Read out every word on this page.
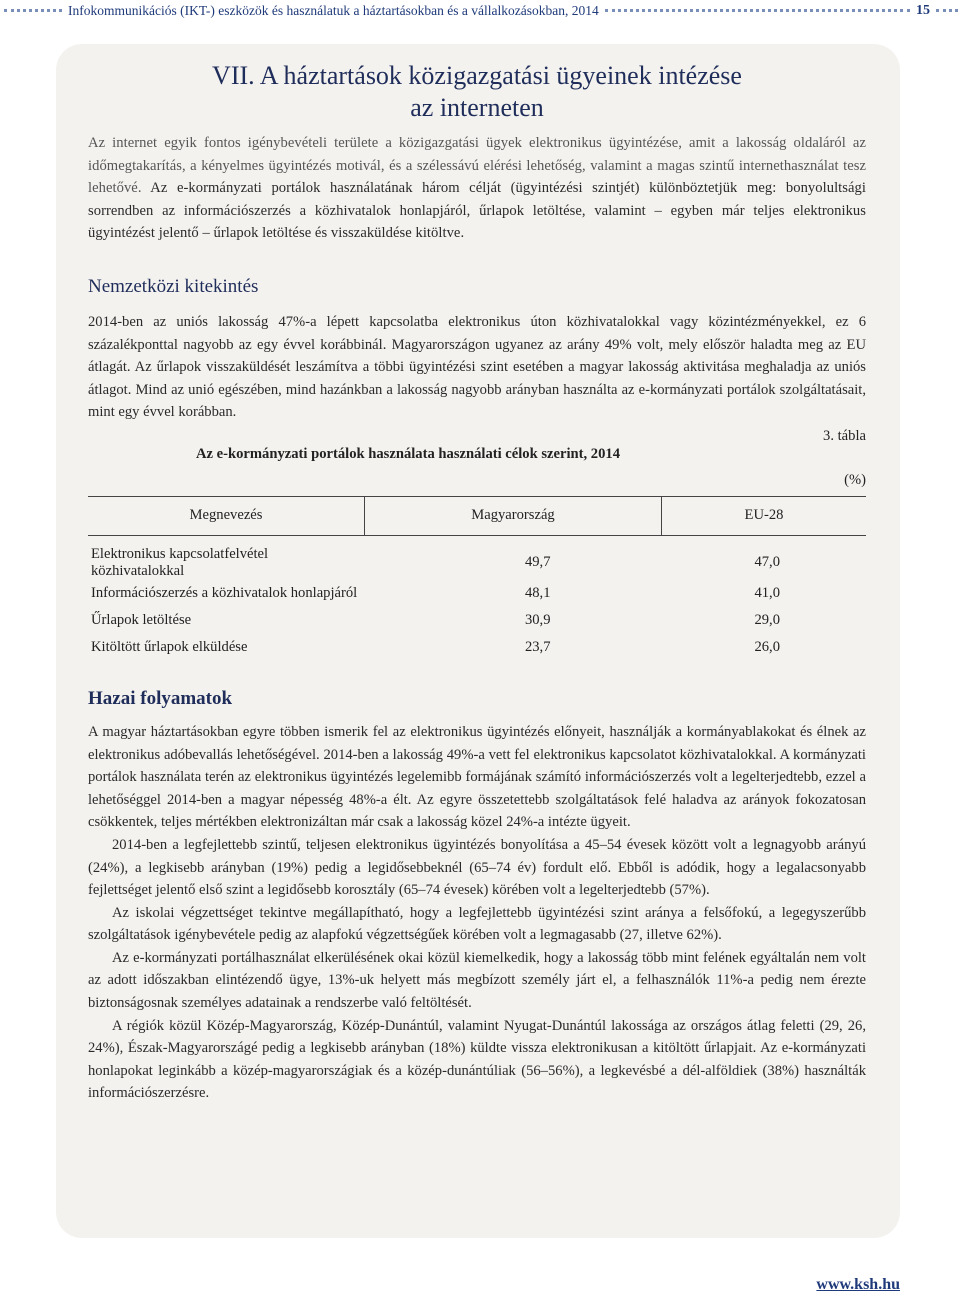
Infokommunikációs (IKT-) eszközök és használatuk a háztartásokban és a vállalkozásokban, 2014	15
VII. A háztartások közigazgatási ügyeinek intézése
az interneten

Az internet egyik fontos igénybevételi területe a közigazgatási ügyek elektronikus ügyintézése, amit a lakosság oldaláról az időmegtakarítás, a kényelmes ügyintézés motivál, és a szélessávú elérési lehetőség, valamint a magas szintű internethasználat tesz lehetővé. Az e-kormányzati portálok használatának három célját (ügyintézési szintjét) különböztetjük meg: bonyolultsági sorrendben az információszerzés a közhivatalok honlapjáról, űrlapok letöltése, valamint – egyben már teljes elektronikus ügyintézést jelentő – űrlapok letöltése és visszaküldése kitöltve.

Nemzetközi kitekintés

2014-ben az uniós lakosság 47%-a lépett kapcsolatba elektronikus úton közhivatalokkal vagy közintézményekkel, ez 6 százalékponttal nagyobb az egy évvel korábbinál. Magyarországon ugyanez az arány 49% volt, mely először haladta meg az EU átlagát. Az űrlapok visszaküldését leszámítva a többi ügyintézési szint esetében a magyar lakosság aktivitása meghaladja az uniós átlagot. Mind az unió egészében, mind hazánkban a lakosság nagyobb arányban használta az e-kormányzati portálok szolgáltatásait, mint egy évvel korábban.

3. tábla
Az e-kormányzati portálok használata használati célok szerint, 2014
(%)
Megnevezés	Magyarország	EU-28
Elektronikus kapcsolatfelvétel közhivatalokkal	49,7	47,0
Információszerzés a közhivatalok honlapjáról	48,1	41,0
Űrlapok letöltése	30,9	29,0
Kitöltött űrlapok elküldése	23,7	26,0
Hazai folyamatok

A magyar háztartásokban egyre többen ismerik fel az elektronikus ügyintézés előnyeit, használják a kormányablakokat és élnek az elektronikus adóbevallás lehetőségével. 2014-ben a lakosság 49%-a vett fel elektronikus kapcsolatot közhivatalokkal. A kormányzati portálok használata terén az elektronikus ügyintézés legelemibb formájának számító információszerzés volt a legelterjedtebb, ezzel a lehetőséggel 2014-ben a magyar népesség 48%-a élt. Az egyre összetettebb szolgáltatások felé haladva az arányok fokozatosan csökkentek, teljes mértékben elektronizáltan már csak a lakosság közel 24%-a intézte ügyeit.

2014-ben a legfejlettebb szintű, teljesen elektronikus ügyintézés bonyolítása a 45–54 évesek között volt a legnagyobb arányú (24%), a legkisebb arányban (19%) pedig a legidősebbeknél (65–74 év) fordult elő. Ebből is adódik, hogy a legalacsonyabb fejlettséget jelentő első szint a legidősebb korosztály (65–74 évesek) körében volt a legelterjedtebb (57%).

Az iskolai végzettséget tekintve megállapítható, hogy a legfejlettebb ügyintézési szint aránya a felsőfokú, a legegyszerűbb szolgáltatások igénybevétele pedig az alapfokú végzettségűek körében volt a legmagasabb (27, illetve 62%).

Az e-kormányzati portálhasználat elkerülésének okai közül kiemelkedik, hogy a lakosság több mint felének egyáltalán nem volt az adott időszakban elintézendő ügye, 13%-uk helyett más megbízott személy járt el, a felhasználók 11%-a pedig nem érezte biztonságosnak személyes adatainak a rendszerbe való feltöltését.

A régiók közül Közép-Magyarország, Közép-Dunántúl, valamint Nyugat-Dunántúl lakossága az országos átlag feletti (29, 26, 24%), Észak-Magyarországé pedig a legkisebb arányban (18%) küldte vissza elektronikusan a kitöltött űrlapjait. Az e-kormányzati honlapokat leginkább a közép-magyarországiak és a közép-dunántúliak (56–56%), a legkevésbé a dél-alföldiek (38%) használták információszerzésre.

www.ksh.hu
